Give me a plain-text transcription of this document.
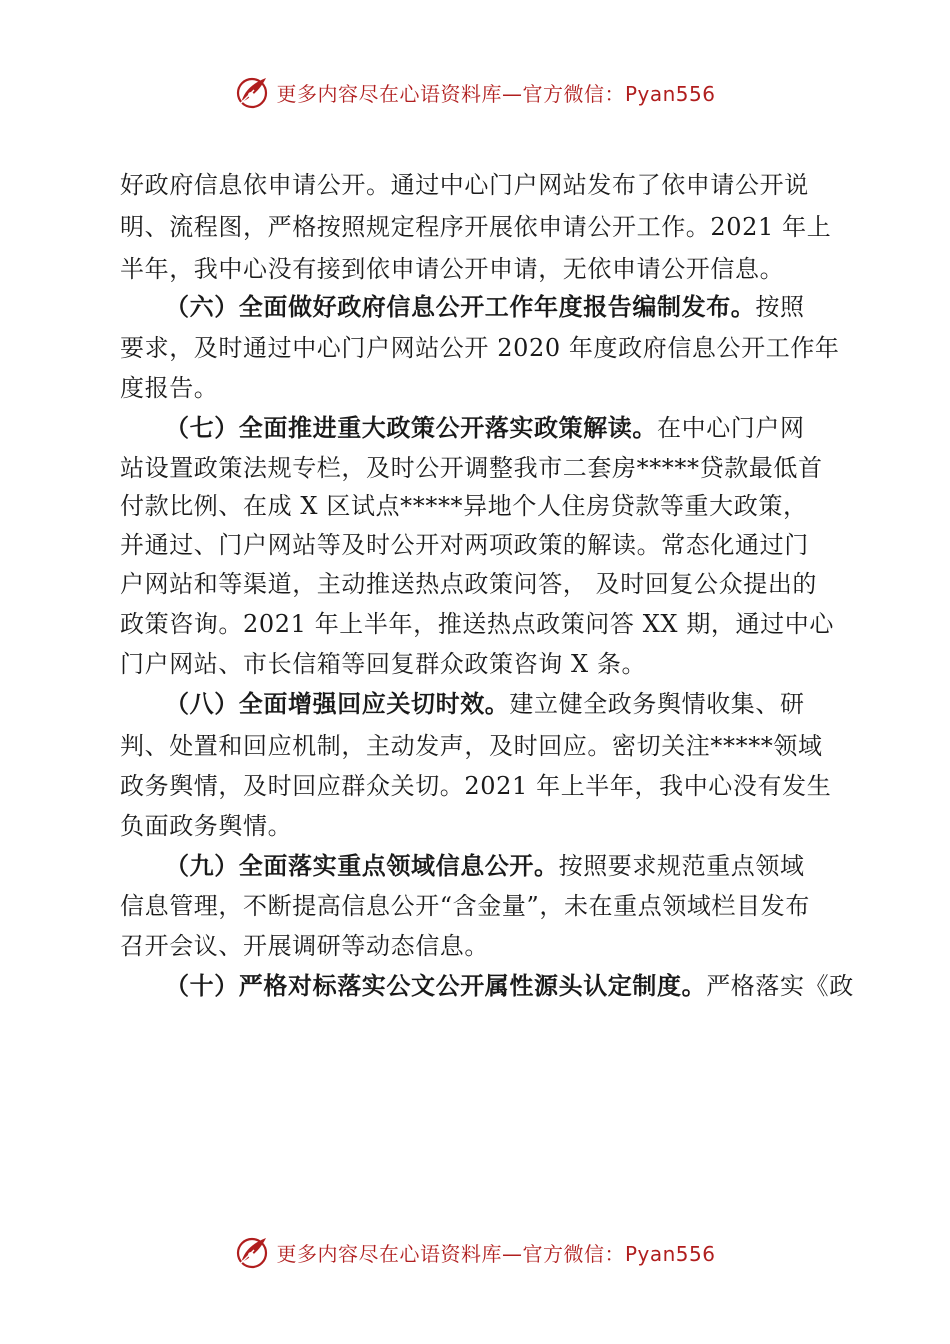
更多内容尽在心语资料库—官方微信：Pyan556
好政府信息依申请公开。通过中心门户网站发布了依申请公开说
明、流程图，严格按照规定程序开展依申请公开工作。2021 年上
半年，我中心没有接到依申请公开申请，无依申请公开信息。
（六）全面做好政府信息公开工作年度报告编制发布。按照
要求，及时通过中心门户网站公开 2020 年度政府信息公开工作年
度报告。
（七）全面推进重大政策公开落实政策解读。在中心门户网
站设置政策法规专栏，及时公开调整我市二套房*****贷款最低首
付款比例、在成 X 区试点*****异地个人住房贷款等重大政策，
并通过、门户网站等及时公开对两项政策的解读。常态化通过门
户网站和等渠道，主动推送热点政策问答， 及时回复公众提出的
政策咨询。2021 年上半年，推送热点政策问答 XX 期，通过中心
门户网站、市长信箱等回复群众政策咨询 X 条。
（八）全面增强回应关切时效。建立健全政务舆情收集、研
判、处置和回应机制，主动发声，及时回应。密切关注*****领域
政务舆情，及时回应群众关切。2021 年上半年，我中心没有发生
负面政务舆情。
（九）全面落实重点领域信息公开。按照要求规范重点领域
信息管理，不断提高信息公开“含金量”，未在重点领域栏目发布
召开会议、开展调研等动态信息。
（十）严格对标落实公文公开属性源头认定制度。严格落实《政
更多内容尽在心语资料库—官方微信：Pyan556
